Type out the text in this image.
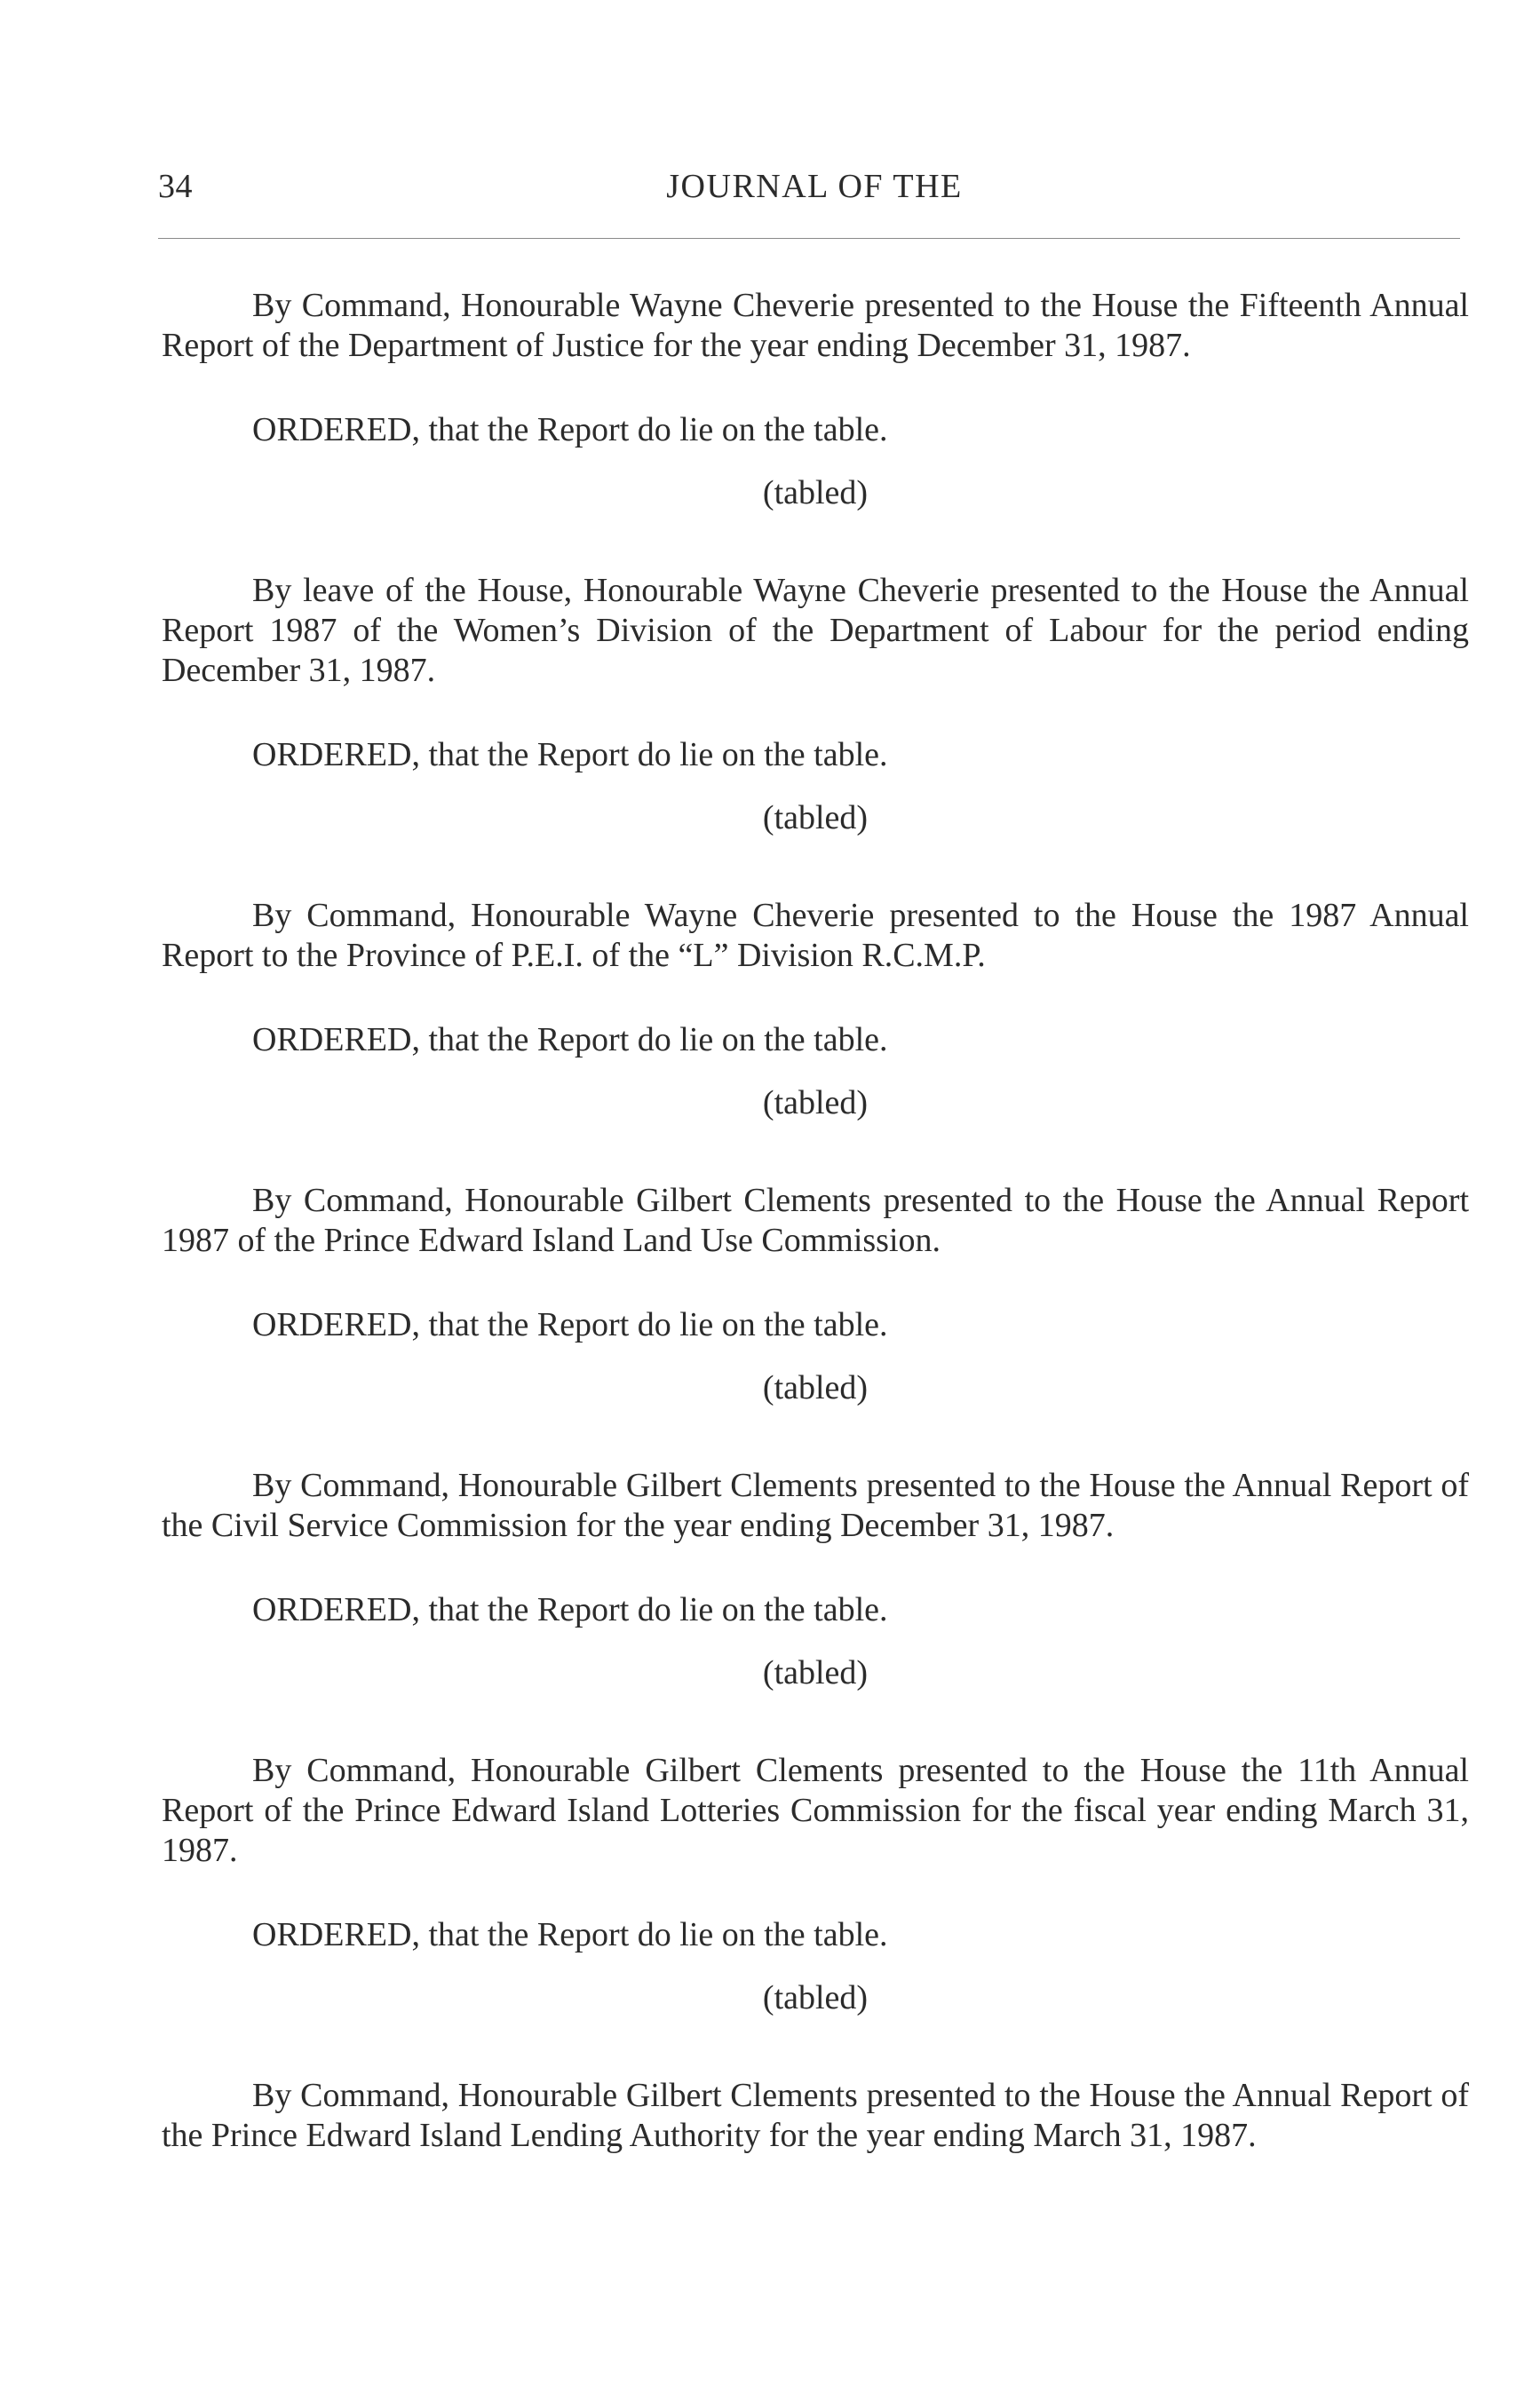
34	JOURNAL OF THE

By Command, Honourable Wayne Cheverie presented to the House the Fifteenth Annual Report of the Department of Justice for the year ending December 31, 1987.

ORDERED, that the Report do lie on the table.

(tabled)

By leave of the House, Honourable Wayne Cheverie presented to the House the Annual Report 1987 of the Women’s Division of the Department of Labour for the period ending December 31, 1987.

ORDERED, that the Report do lie on the table.

(tabled)

By Command, Honourable Wayne Cheverie presented to the House the 1987 Annual Report to the Province of P.E.I. of the “L” Division R.C.M.P.

ORDERED, that the Report do lie on the table.

(tabled)

By Command, Honourable Gilbert Clements presented to the House the Annual Report 1987 of the Prince Edward Island Land Use Commission.

ORDERED, that the Report do lie on the table.

(tabled)

By Command, Honourable Gilbert Clements presented to the House the Annual Report of the Civil Service Commission for the year ending December 31, 1987.

ORDERED, that the Report do lie on the table.

(tabled)

By Command, Honourable Gilbert Clements presented to the House the 11th Annual Report of the Prince Edward Island Lotteries Commission for the fiscal year ending March 31, 1987.

ORDERED, that the Report do lie on the table.

(tabled)

By Command, Honourable Gilbert Clements presented to the House the Annual Report of the Prince Edward Island Lending Authority for the year ending March 31, 1987.
